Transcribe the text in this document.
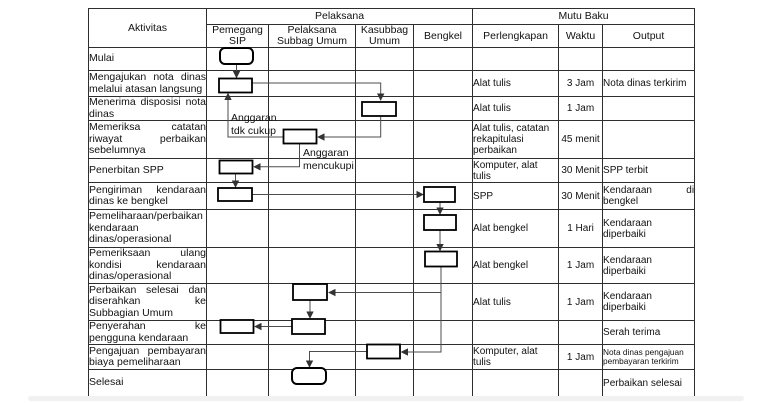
Aktivitas	Pelaksana				Mutu Baku		
	Pemegang SIP	Pelaksana Subbag Umum	Kasubbag Umum	Bengkel	Perlengkapan	Waktu	Output
Mulai							
Mengajukan nota dinas melalui atasan langsung					Alat tulis	3 Jam	Nota dinas terkirim
Menerima disposisi nota dinas					Alat tulis	1 Jam	
Memeriksa catatan riwayat perbaikan sebelumnya					Alat tulis, catatan rekapitulasi perbaikan	45 menit	
Penerbitan SPP					Komputer, alat tulis	30 Menit	SPP terbit
Pengiriman kendaraan dinas ke bengkel					SPP	30 Menit	Kendaraan di bengkel
Pemeliharaan/perbaikan kendaraan dinas/operasional					Alat bengkel	1 Hari	Kendaraan diperbaiki
Pemeriksaan ulang kondisi kendaraan dinas/operasional					Alat bengkel	1 Jam	Kendaraan diperbaiki
Perbaikan selesai dan diserahkan ke Subbagian Umum					Alat tulis	1 Jam	Kendaraan diperbaiki
Penyerahan ke pengguna kendaraan							Serah terima
Pengajuan pembayaran biaya pemeliharaan					Komputer, alat tulis	1 Jam	Nota dinas pengajuan pembayaran terkirim
Selesai							Perbaikan selesai
Anggaran
tdk cukup
Anggaran
mencukupi
